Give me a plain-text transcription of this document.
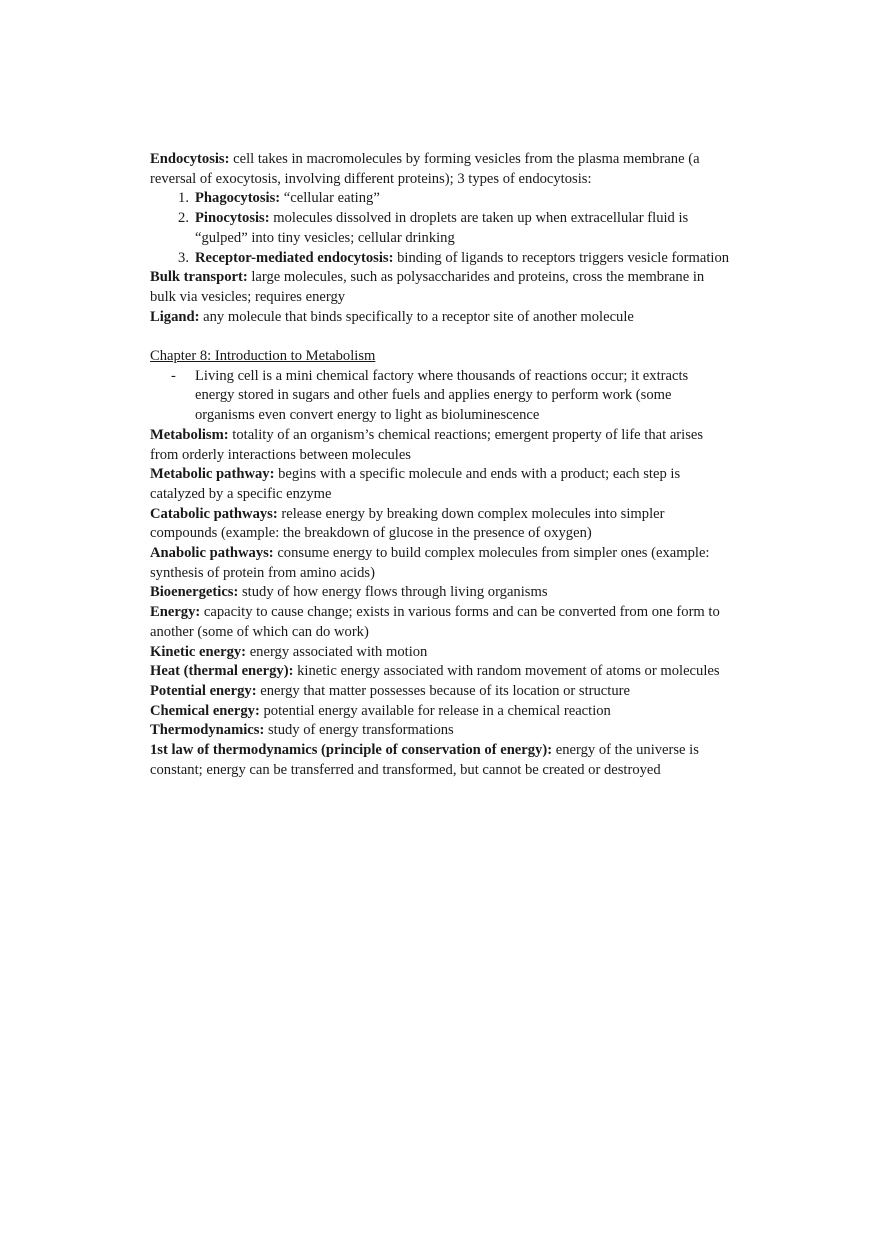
Endocytosis: cell takes in macromolecules by forming vesicles from the plasma membrane (a reversal of exocytosis, involving different proteins); 3 types of endocytosis:

1. Phagocytosis: “cellular eating”
2. Pinocytosis: molecules dissolved in droplets are taken up when extracellular fluid is “gulped” into tiny vesicles; cellular drinking
3. Receptor-mediated endocytosis: binding of ligands to receptors triggers vesicle formation

Bulk transport: large molecules, such as polysaccharides and proteins, cross the membrane in bulk via vesicles; requires energy

Ligand: any molecule that binds specifically to a receptor site of another molecule

Chapter 8: Introduction to Metabolism
- Living cell is a mini chemical factory where thousands of reactions occur; it extracts energy stored in sugars and other fuels and applies energy to perform work (some organisms even convert energy to light as bioluminescence

Metabolism: totality of an organism’s chemical reactions; emergent property of life that arises from orderly interactions between molecules

Metabolic pathway: begins with a specific molecule and ends with a product; each step is catalyzed by a specific enzyme

Catabolic pathways: release energy by breaking down complex molecules into simpler compounds (example: the breakdown of glucose in the presence of oxygen)

Anabolic pathways: consume energy to build complex molecules from simpler ones (example: synthesis of protein from amino acids)

Bioenergetics: study of how energy flows through living organisms

Energy: capacity to cause change; exists in various forms and can be converted from one form to another (some of which can do work)

Kinetic energy: energy associated with motion

Heat (thermal energy): kinetic energy associated with random movement of atoms or molecules

Potential energy: energy that matter possesses because of its location or structure

Chemical energy: potential energy available for release in a chemical reaction

Thermodynamics: study of energy transformations

1st law of thermodynamics (principle of conservation of energy): energy of the universe is constant; energy can be transferred and transformed, but cannot be created or destroyed
